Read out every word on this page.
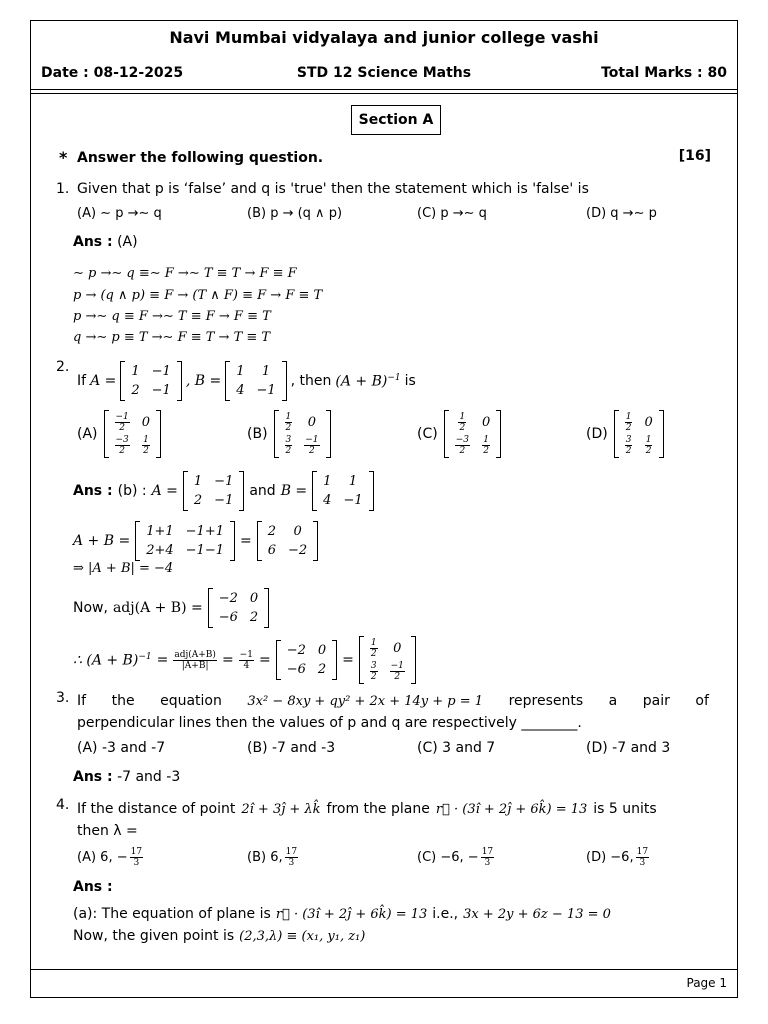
Navi Mumbai vidyalaya and junior college vashi
Date : 08-12-2025	STD 12 Science Maths	Total Marks : 80
Section A
* Answer the following question.	[16]
1. Given that p is ‘false’ and q is 'true' then the statement which is 'false' is
(A) ∼ p →∼ q	(B) p → (q ∧ p)	(C) p →∼ q	(D) q →∼ p
Ans : (A)
∼ p →∼ q ≡∼ F →∼ T ≡ T → F ≡ F
p → (q ∧ p) ≡ F → (T ∧ F) ≡ F → F ≡ T
p →∼ q ≡ F →∼ T ≡ F → F ≡ T
q →∼ p ≡ T →∼ F ≡ T → T ≡ T
2.
If A =
1	−1
2	−1
, B =
1	1
4	−1
, then $(A + B)^{-1}$ is
(A)
$\frac{-1}{2}$	0

$\frac{-3}{2}$	$\frac{1}{2}$
(B)
$\frac{1}{2}$	0

$\frac{3}{2}$	$\frac{-1}{2}$
(C)
$\frac{1}{2}$	0

$\frac{-3}{2}$	$\frac{1}{2}$
(D)
$\frac{1}{2}$	0

$\frac{3}{2}$	$\frac{1}{2}$
Ans : (b) : A =
1	−1
2	−1
and B =
1	1
4	−1
A + B =
1+1	−1+1
2+4	−1−1
=
2	0
6	−2
⇒ |A + B| = −4
Now, adj(A + B) =
−2	0
−6	2
∴ $(A + B)^{-1} = \frac{\text{adj(A+B)}}{|A+B|} = \frac{-1}{4}$ =
−2	0
−6	2
=
$\frac{1}{2}$	0

$\frac{3}{2}$	$\frac{-1}{2}$
3. If the equation 3x² − 8xy + qy² + 2x + 14y + p = 1 represents a pair of
perpendicular lines then the values of p and q are respectively ________.
(A) -3 and -7	(B) -7 and -3	(C) 3 and 7	(D) -7 and 3
Ans : -7 and -3
4. If the distance of point 2î + 3ĵ + λk̂ from the plane r⃗ · (3î + 2ĵ + 6k̂) = 13 is 5 units
then λ =
(A) 6, − $\frac{17}{3}$	(B) 6, $\frac{17}{3}$	(C) −6, − $\frac{17}{3}$	(D) −6, $\frac{17}{3}$
Ans :
(a): The equation of plane is r⃗ · (3î + 2ĵ + 6k̂) = 13 i.e., 3x + 2y + 6z − 13 = 0
Now, the given point is (2,3,λ) ≡ (x₁, y₁, z₁)
Page 1
